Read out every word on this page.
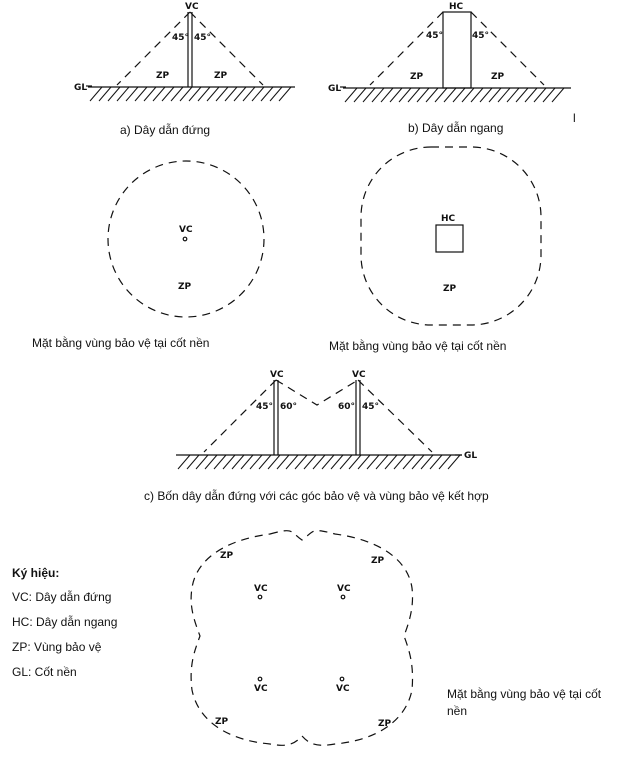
GL
VC
45° 45°
ZP	ZP
a) Dây dẫn đứng
GL
HC
45°	45°
ZP	ZP
b) Dây dẫn ngang
l
VC
ZP
Mặt bằng vùng bảo vệ tại cốt nền
HC
ZP
Mặt bằng vùng bảo vệ tại cốt nền
GL
VC	VC
45° 60°	60° 45°
c) Bốn dây dẫn đứng với các góc bảo vệ và vùng bảo vệ kết hợp
ZP	ZP
ZP	ZP
VC	VC
VC	VC
Ký hiệu:
VC: Dây dẫn đứng
HC: Dây dẫn ngang
ZP: Vùng bảo vệ
GL: Cốt nền
Mặt bằng vùng bảo vệ tại cốt nền
